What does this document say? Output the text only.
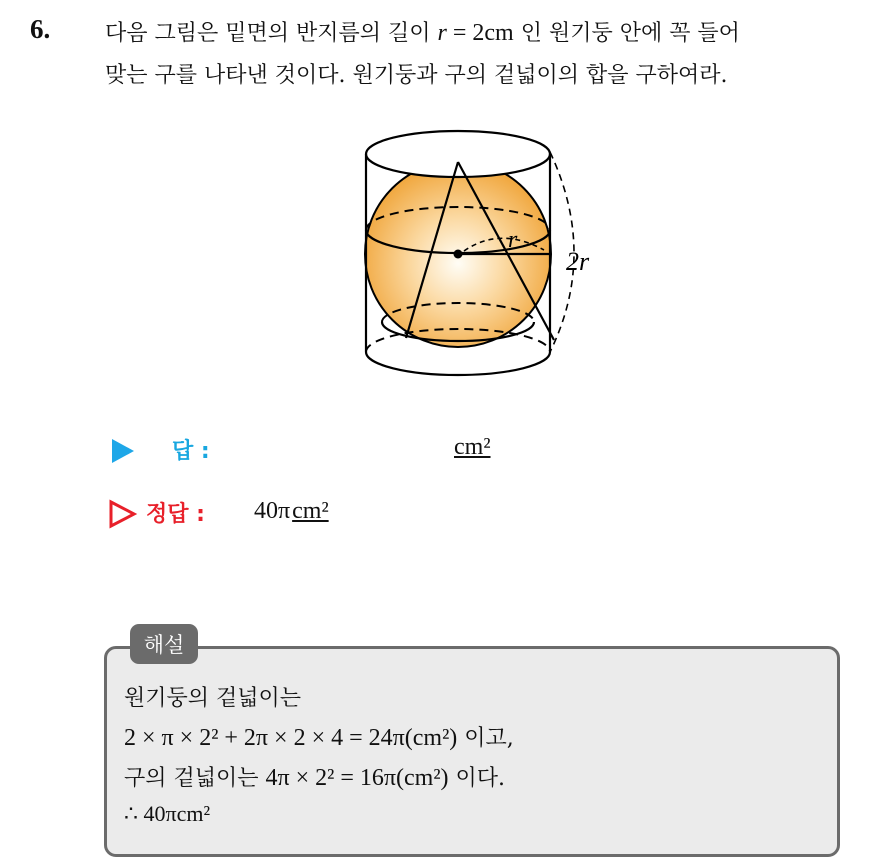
6. 다음 그림은 밑면의 반지름의 길이 r = 2cm 인 원기둥 안에 꼭 들어
맞는 구를 나타낸 것이다. 원기둥과 구의 겉넓이의 합을 구하여라.
r
2r
답 :	cm²
정답 : 40πcm²
해설
원기둥의 겉넓이는
2 × π × 2² + 2π × 2 × 4 = 24π(cm²) 이고,
구의 겉넓이는 4π × 2² = 16π(cm²) 이다.
∴ 40πcm²
